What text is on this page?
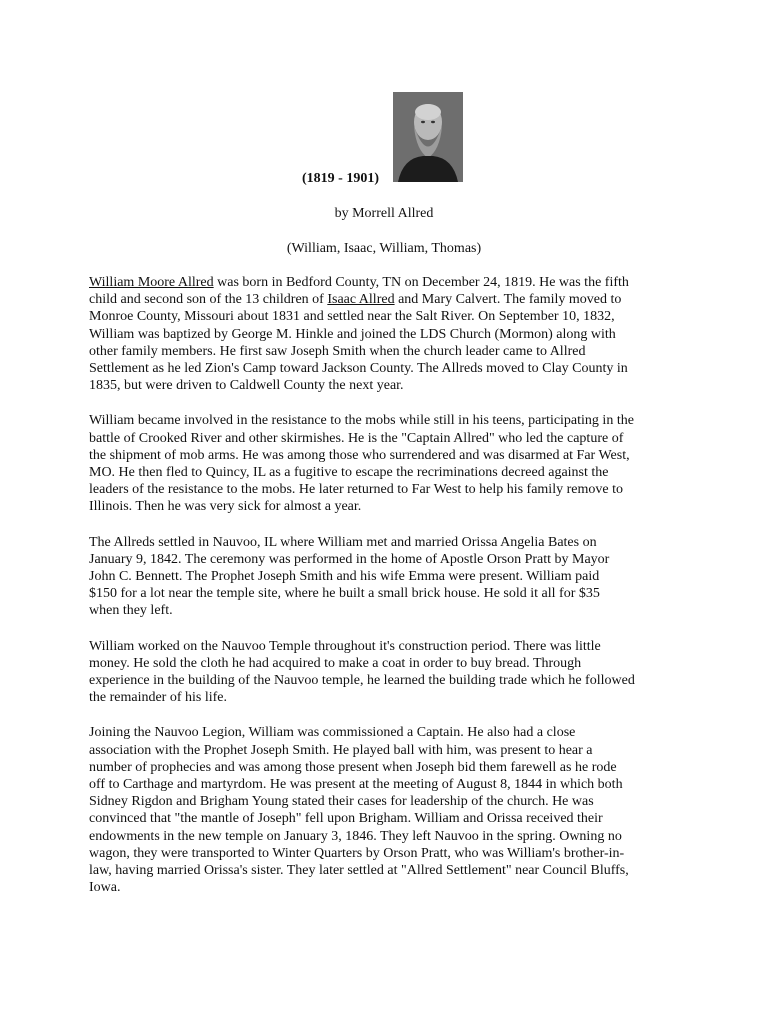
(1819 - 1901)
by Morrell Allred
(William, Isaac, William, Thomas)
William Moore Allred was born in Bedford County, TN on December 24, 1819. He was the fifth
child and second son of the 13 children of Isaac Allred and Mary Calvert. The family moved to
Monroe County, Missouri about 1831 and settled near the Salt River. On September 10, 1832,
William was baptized by George M. Hinkle and joined the LDS Church (Mormon) along with
other family members. He first saw Joseph Smith when the church leader came to Allred
Settlement as he led Zion's Camp toward Jackson County. The Allreds moved to Clay County in
1835, but were driven to Caldwell County the next year.
William became involved in the resistance to the mobs while still in his teens, participating in the
battle of Crooked River and other skirmishes. He is the "Captain Allred" who led the capture of
the shipment of mob arms. He was among those who surrendered and was disarmed at Far West,
MO. He then fled to Quincy, IL as a fugitive to escape the recriminations decreed against the
leaders of the resistance to the mobs. He later returned to Far West to help his family remove to
Illinois. Then he was very sick for almost a year.
The Allreds settled in Nauvoo, IL where William met and married Orissa Angelia Bates on
January 9, 1842. The ceremony was performed in the home of Apostle Orson Pratt by Mayor
John C. Bennett. The Prophet Joseph Smith and his wife Emma were present. William paid
$150 for a lot near the temple site, where he built a small brick house. He sold it all for $35
when they left.
William worked on the Nauvoo Temple throughout it's construction period. There was little
money. He sold the cloth he had acquired to make a coat in order to buy bread. Through
experience in the building of the Nauvoo temple, he learned the building trade which he followed
the remainder of his life.
Joining the Nauvoo Legion, William was commissioned a Captain. He also had a close
association with the Prophet Joseph Smith. He played ball with him, was present to hear a
number of prophecies and was among those present when Joseph bid them farewell as he rode
off to Carthage and martyrdom. He was present at the meeting of August 8, 1844 in which both
Sidney Rigdon and Brigham Young stated their cases for leadership of the church. He was
convinced that "the mantle of Joseph" fell upon Brigham. William and Orissa received their
endowments in the new temple on January 3, 1846. They left Nauvoo in the spring. Owning no
wagon, they were transported to Winter Quarters by Orson Pratt, who was William's brother-in-
law, having married Orissa's sister. They later settled at "Allred Settlement" near Council Bluffs,
Iowa.
